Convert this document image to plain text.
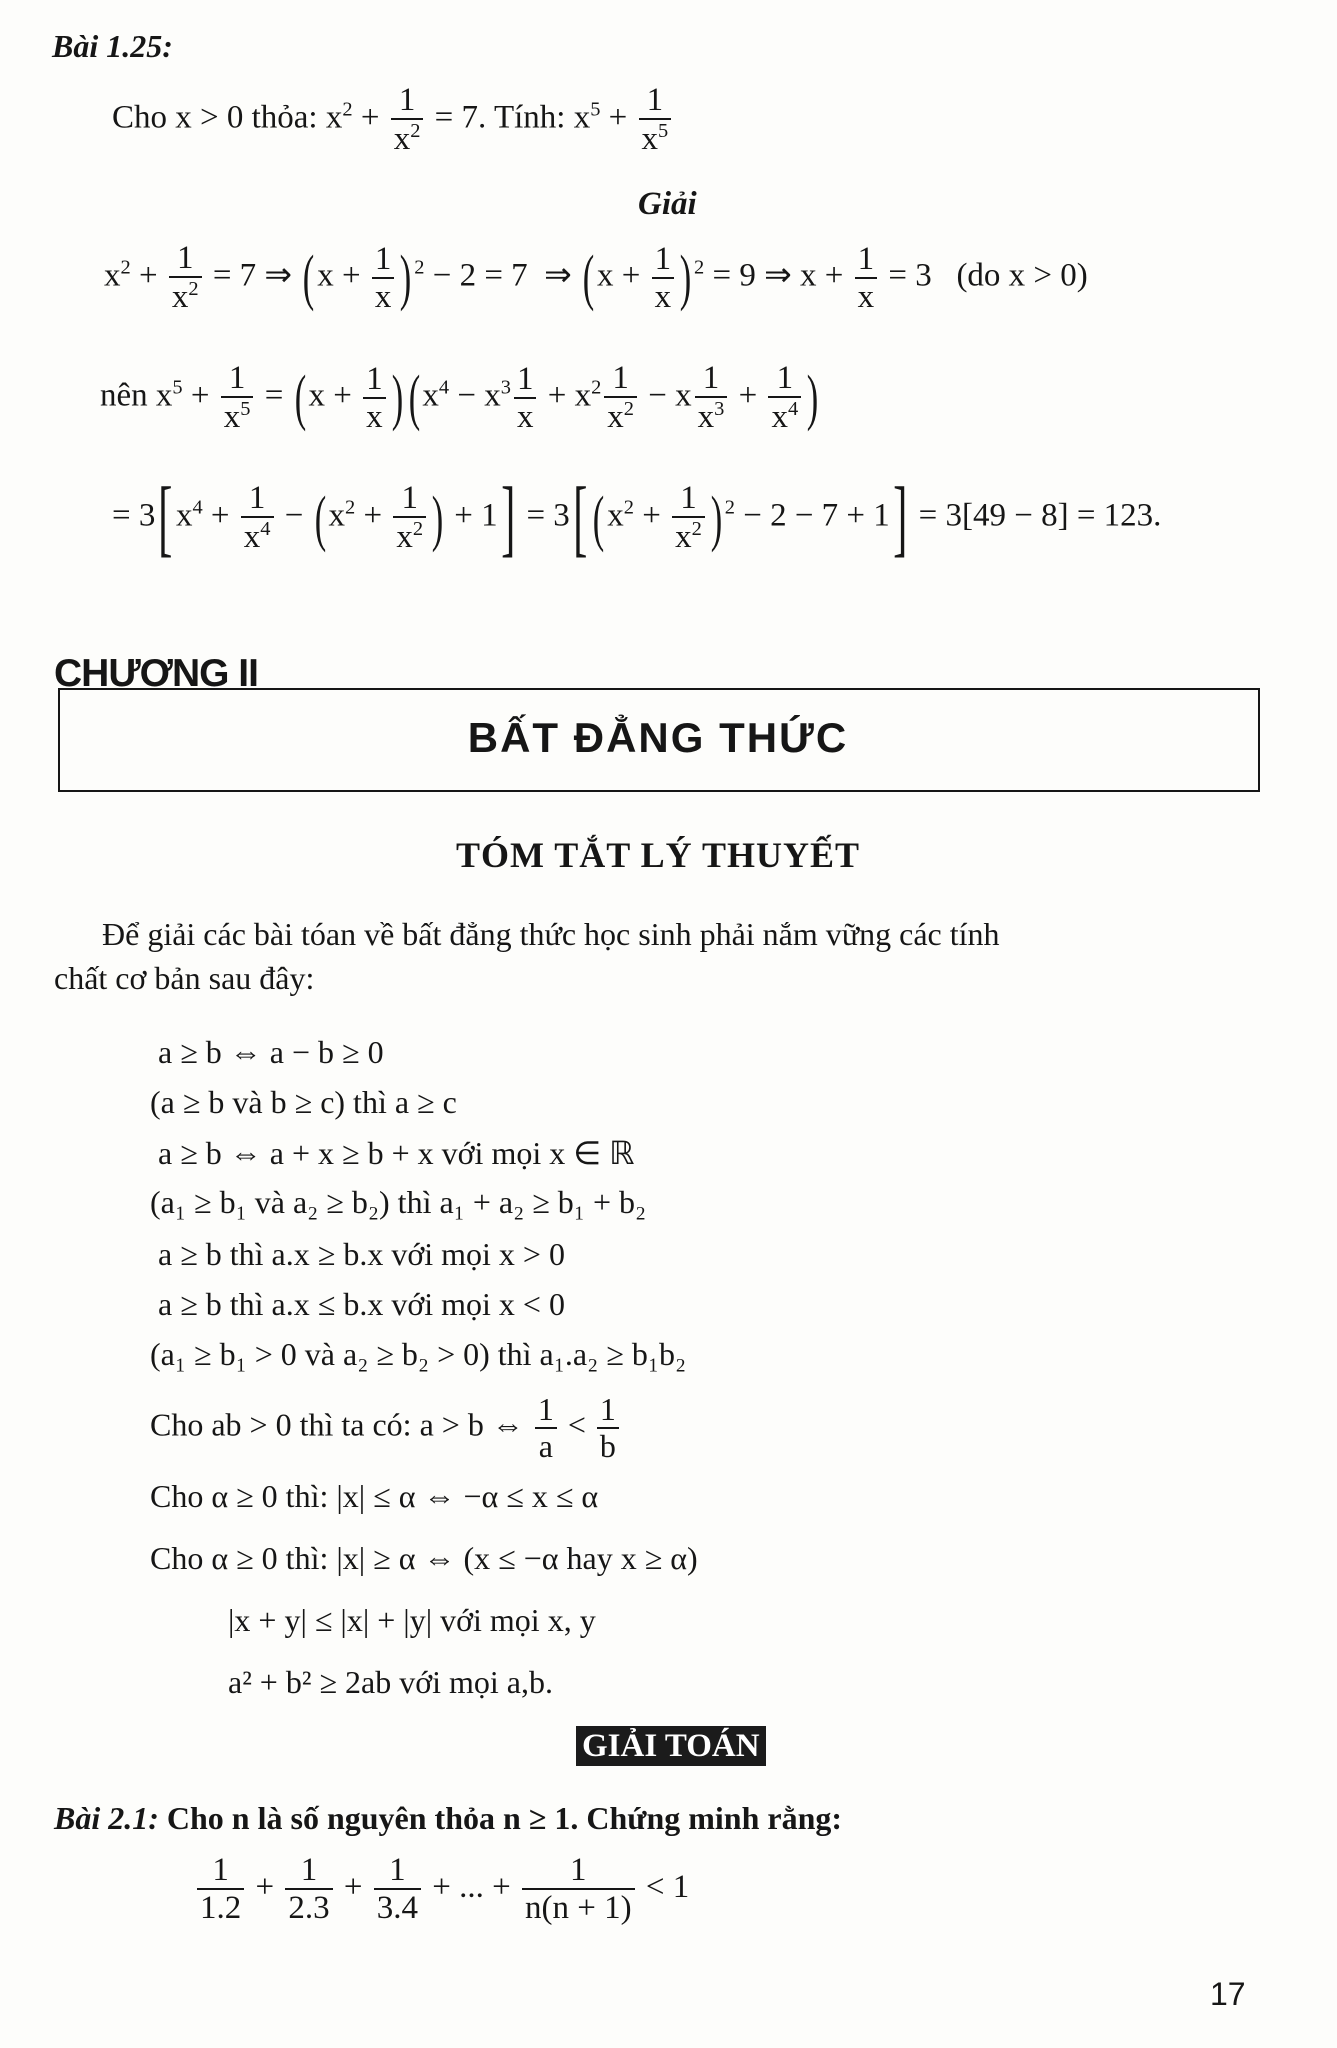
Bài 1.25:
Cho x > 0 thỏa: $x^2 + \frac{1}{x^2} = 7$. Tính: $x^5 + \frac{1}{x^5}$
Giải
$x^2 + \frac{1}{x^2} = 7$ ⇒ ($x + \frac{1}{x}$ ) $^2$ − 2 = 7  ⇒ ($x + \frac{1}{x}$ ) $^2$ = 9 ⇒ $x + \frac{1}{x} = 3$   (do x > 0)
nên $x^5 + \frac{1}{x^5} = (x + \frac{1}{x} )(x^4 - x^3 \frac{1}{x} + x^2 \frac{1}{x^2} - x \frac{1}{x^3} + \frac{1}{x^4}$ )
= $3[x^4 + \frac{1}{x^4} - (x^2 + \frac{1}{x^2}$ ) + $1] = 3[(x^2 + \frac{1}{x^2}$ ) $^2$ − 2 − 7 + 1] = 3[49 − 8] = 123.
CHƯƠNG II
BẤT ĐẲNG THỨC
TÓM TẮT LÝ THUYẾT
Để giải các bài tóan về bất đẳng thức học sinh phải nắm vững các tính
chất cơ bản sau đây:
a ≥ b ⇔ a − b ≥ 0
(a ≥ b và b ≥ c) thì a ≥ c
a ≥ b ⇔ a + x ≥ b + x với mọi x ∈ ℝ
(a₁ ≥ b₁ và a₂ ≥ b₂) thì a₁ + a₂ ≥ b₁ + b₂
a ≥ b thì a.x ≥ b.x với mọi x > 0
a ≥ b thì a.x ≤ b.x với mọi x < 0
(a₁ ≥ b₁ > 0 và a₂ ≥ b₂ > 0) thì a₁.a₂ ≥ b₁b₂
Cho ab > 0 thì ta có: a > b ⇔ $\frac{1}{a} < \frac{1}{b}$
Cho α ≥ 0 thì: |x| ≤ α ⇔ −α ≤ x ≤ α
Cho α ≥ 0 thì: |x| ≥ α ⇔ (x ≤ −α hay x ≥ α)
|x + y| ≤ |x| + |y| với mọi x, y
a² + b² ≥ 2ab với mọi a,b.
GIẢI TOÁN
Bài 2.1: Cho n là số nguyên thỏa n ≥ 1. Chứng minh rằng:
$\frac{1}{1.2} + \frac{1}{2.3} + \frac{1}{3.4}$ + ... + $\frac{1}{n(n + 1)} < 1$
17
